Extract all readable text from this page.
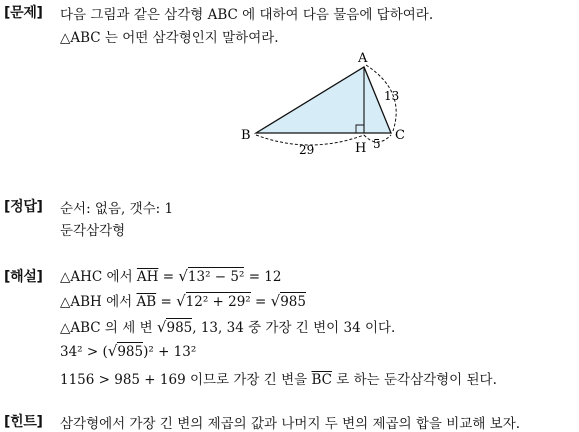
[문제] 다음 그림과 같은 삼각형 ABC 에 대하여 다음 물음에 답하여라.
△ABC 는 어떤 삼각형인지 말하여라.
A
B	C
H
13
29	5
[정답] 순서: 없음, 갯수: 1
둔각삼각형
[해설] △AHC 에서 $\overline{AH} = √13^2 - 5^2 = 12$
△ABH 에서 $\overline{AB} = √12^2 + 29^2 = √985$
△ABC 의 세 변 √985, 13, 34 중 가장 긴 변이 34 이다.
34² > (√985)² + 13²
1156 > 985 + 169 이므로 가장 긴 변을 $\overline{BC}$ 로 하는 둔각삼각형이 된다.
[힌트] 삼각형에서 가장 긴 변의 제곱의 값과 나머지 두 변의 제곱의 합을 비교해 보자.
